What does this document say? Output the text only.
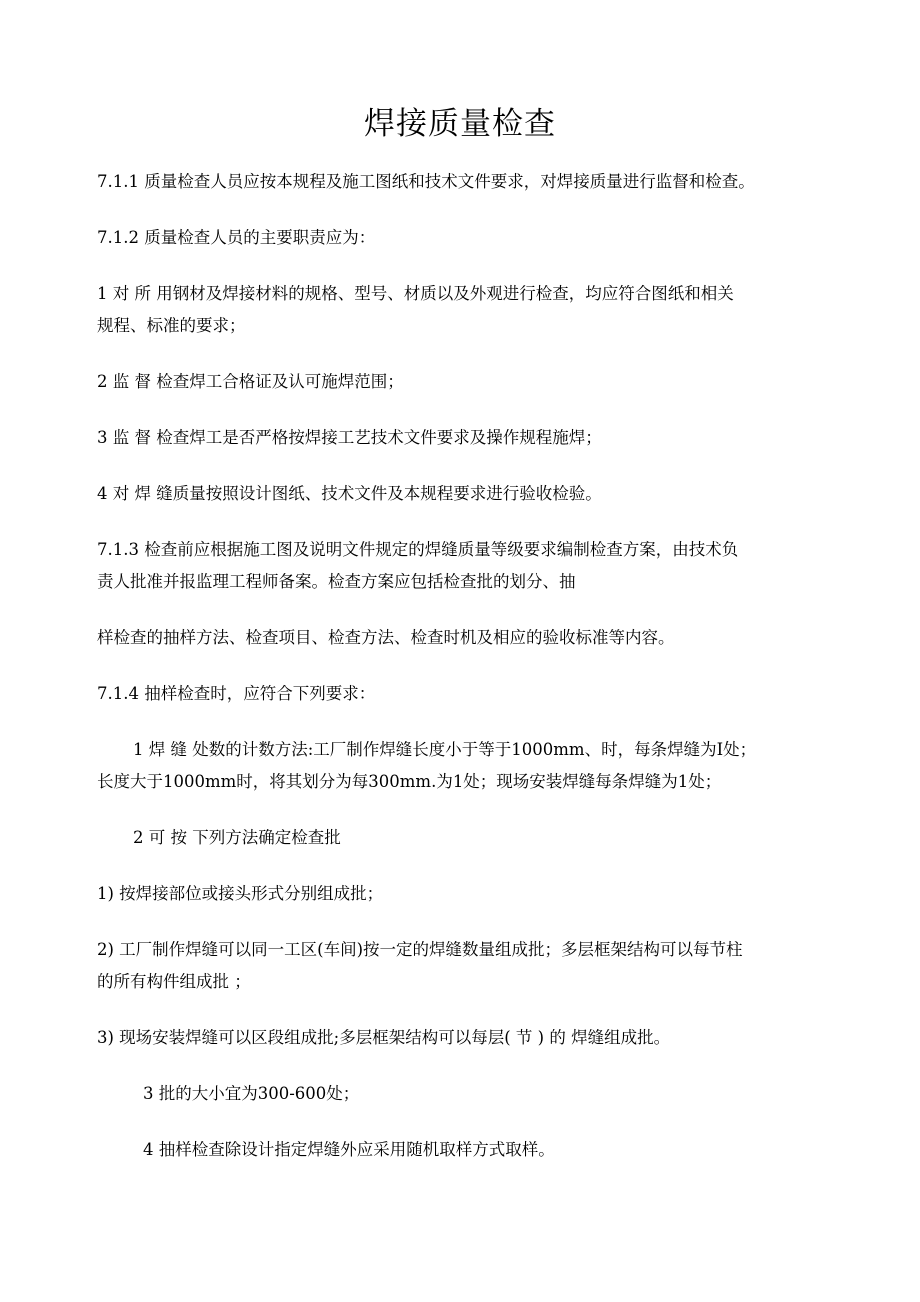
焊接质量检查

7.1.1 质量检查人员应按本规程及施工图纸和技术文件要求，对焊接质量进行监督和检查。

7.1.2 质量检查人员的主要职责应为：

1 对 所 用钢材及焊接材料的规格、型号、材质以及外观进行检查，均应符合图纸和相关

规程、标准的要求；

2 监 督 检查焊工合格证及认可施焊范围；

3 监 督 检查焊工是否严格按焊接工艺技术文件要求及操作规程施焊；

4 对 焊 缝质量按照设计图纸、技术文件及本规程要求进行验收检验。

7.1.3 检查前应根据施工图及说明文件规定的焊缝质量等级要求编制检查方案，由技术负

责人批准并报监理工程师备案。检查方案应包括检查批的划分、抽

样检查的抽样方法、检查项目、检查方法、检查时机及相应的验收标准等内容。

7.1.4 抽样检查时，应符合下列要求：

1 焊 缝 处数的计数方法:工厂制作焊缝长度小于等于1000mm、时，每条焊缝为I处；

长度大于1000mm时，将其划分为每300mm.为1处；现场安装焊缝每条焊缝为1处；

2 可 按 下列方法确定检查批

1) 按焊接部位或接头形式分别组成批；

2) 工厂制作焊缝可以同一工区(车间)按一定的焊缝数量组成批；多层框架结构可以每节柱

的所有构件组成批 ；

3) 现场安装焊缝可以区段组成批;多层框架结构可以每层( 节 ) 的 焊缝组成批。

3 批的大小宜为300-600处；

4 抽样检查除设计指定焊缝外应采用随机取样方式取样。
